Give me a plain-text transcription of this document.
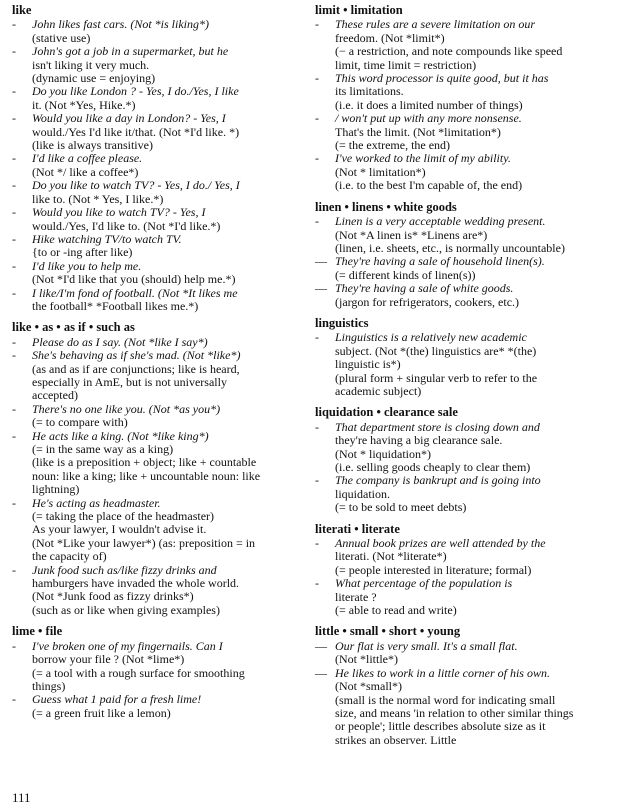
like
- John likes fast cars. (Not *is liking*)
(stative use)
- John's got a job in a supermarket, but he
isn't liking it very much.
(dynamic use = enjoying)
- Do you like London ? - Yes, I do./Yes, I like
it. (Not *Yes, Hike.*)
- Would you like a day in London? - Yes, I
would./Yes I'd like it/that. (Not *I'd like. *)
(like is always transitive)
- I'd like a coffee please.
(Not */ like a coffee*)
- Do you like to watch TV? - Yes, I do./ Yes, I
like to. (Not * Yes, I like.*)
- Would you like to watch TV? - Yes, I
would./Yes, I'd like to. (Not *I'd like.*)
- Hike watching TV/to watch TV.
{to or -ing after like)
- I'd like you to help me.
(Not *I'd like that you (should) help me.*)
- I like/I'm fond of football. (Not *It likes me
the football* *Football likes me.*)
like • as • as if • such as
- Please do as I say. (Not *like I say*)
- She's behaving as if she's mad. (Not *like*)
(as and as if are conjunctions; like is heard,
especially in AmE, but is not universally
accepted)
- There's no one like you. (Not *as you*)
(= to compare with)
- He acts like a king. (Not *like king*)
(= in the same way as a king)
(like is a preposition + object; like + countable
noun: like a king; like + uncountable noun: like
lightning)
- He's acting as headmaster.
(= taking the place of the headmaster)
As your lawyer, I wouldn't advise it.
(Not *Like your lawyer*) (as: preposition = in
the capacity of)
- Junk food such as/like fizzy drinks and
hamburgers have invaded the whole world.
(Not *Junk food as fizzy drinks*)
(such as or like when giving examples)
lime • file
- I've broken one of my fingernails. Can I
borrow your file ? (Not *lime*)
(= a tool with a rough surface for smoothing
things)
- Guess what 1 paid for a fresh lime!
(= a green fruit like a lemon)
limit • limitation
- These rules are a severe limitation on our
freedom. (Not *limit*)
(− a restriction, and note compounds like speed
limit, time limit = restriction)
- This word processor is quite good, but it has
its limitations.
(i.e. it does a limited number of things)
- / won't put up with any more nonsense.
That's the limit. (Not *limitation*)
(= the extreme, the end)
- I've worked to the limit of my ability.
(Not * limitation*)
(i.e. to the best I'm capable of, the end)
linen • linens • white goods
- Linen is a very acceptable wedding present.
(Not *A linen is* *Linens are*)
(linen, i.e. sheets, etc., is normally uncountable)
— They're having a sale of household linen(s).
(= different kinds of linen(s))
— They're having a sale of white goods.
(jargon for refrigerators, cookers, etc.)
linguistics
- Linguistics is a relatively new academic
subject. (Not *(the) linguistics are* *(the)
linguistic is*)
(plural form + singular verb to refer to the
academic subject)
liquidation • clearance sale
- That department store is closing down and
they're having a big clearance sale.
(Not * liquidation*)
(i.e. selling goods cheaply to clear them)
- The company is bankrupt and is going into
liquidation.
(= to be sold to meet debts)
literati • literate
- Annual book prizes are well attended by the
literati. (Not *literate*)
(= people interested in literature; formal)
- What percentage of the population is
literate ?
(= able to read and write)
little • small • short • young
— Our flat is very small. It's a small flat.
(Not *little*)
— He likes to work in a little corner of his own.
(Not *small*)
(small is the normal word for indicating small
size, and means 'in relation to other similar things
or people'; little describes absolute size as it
strikes an observer. Little
111
